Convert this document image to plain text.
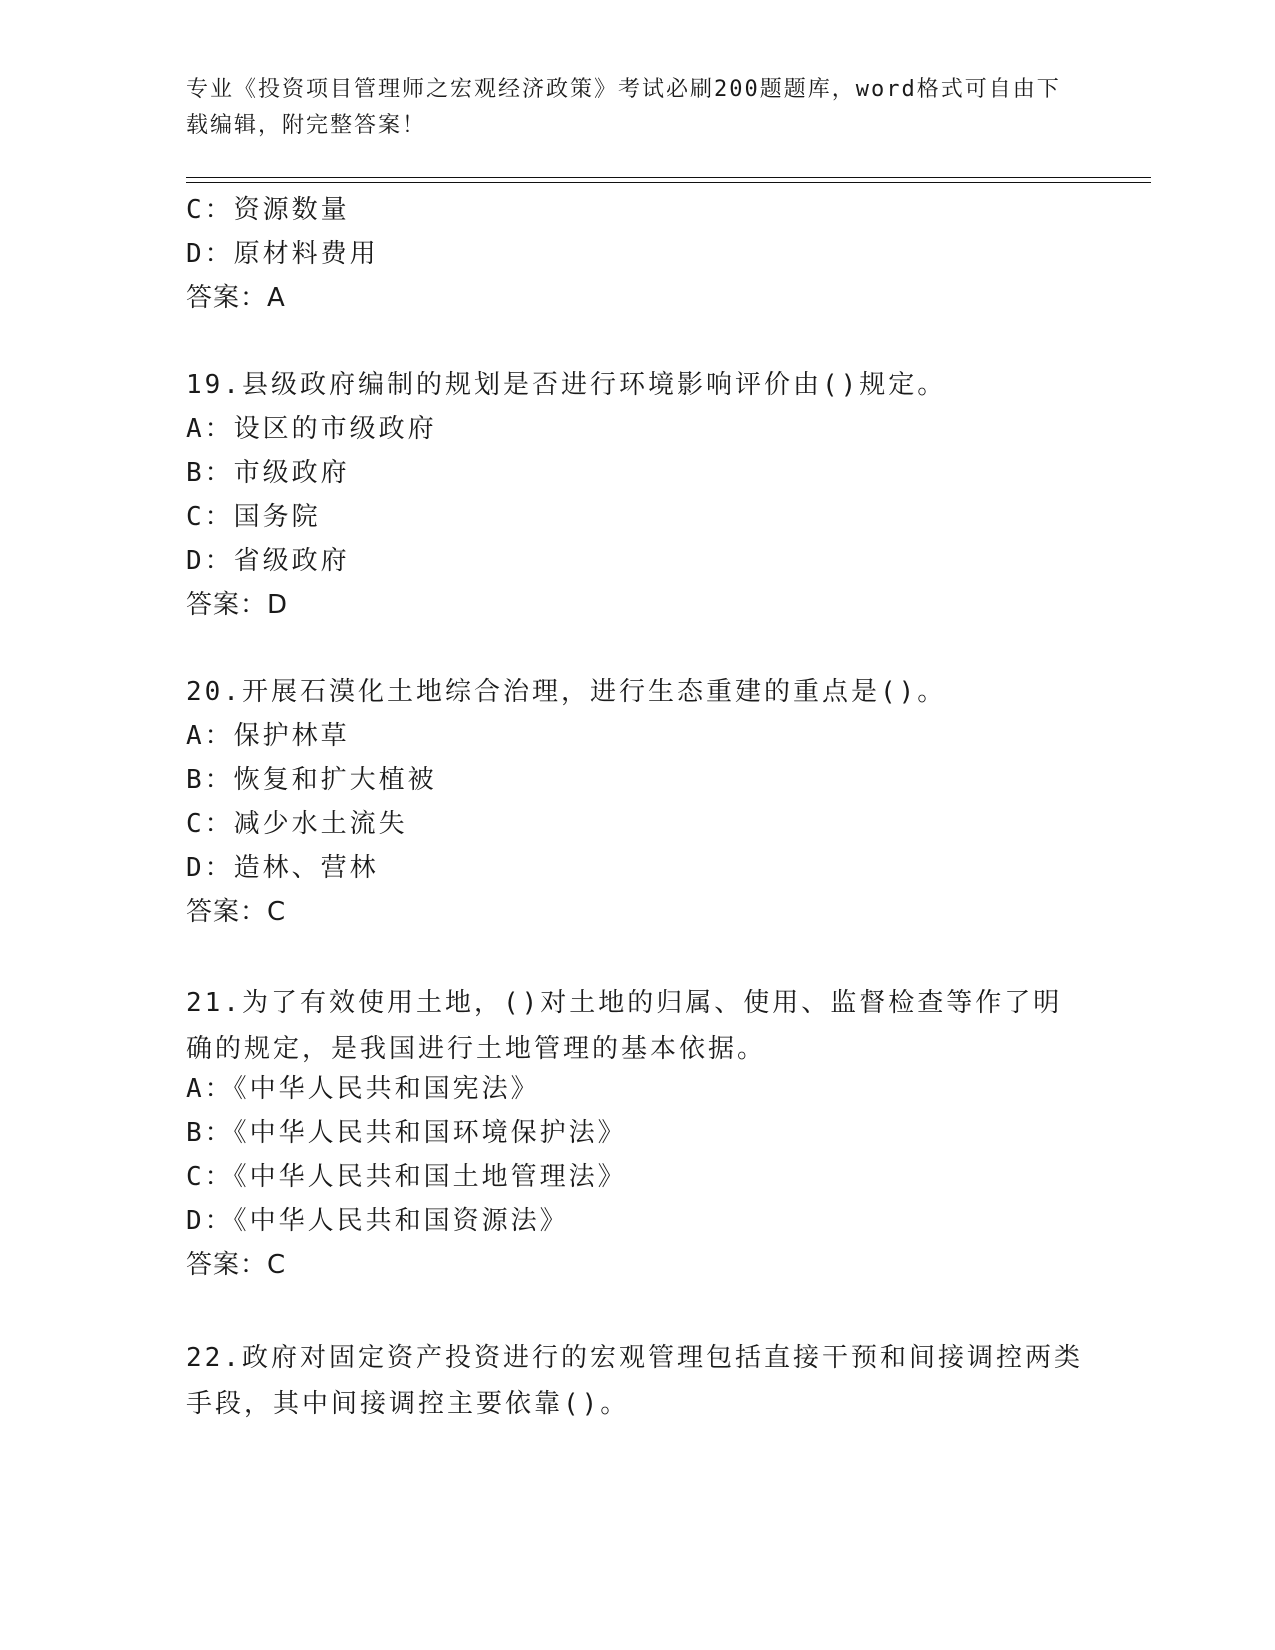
专业《投资项目管理师之宏观经济政策》考试必刷200题题库，word格式可自由下载编辑，附完整答案！
C：资源数量
D：原材料费用
答案：A
19.县级政府编制的规划是否进行环境影响评价由()规定。
A：设区的市级政府
B：市级政府
C：国务院
D：省级政府
答案：D
20.开展石漠化土地综合治理，进行生态重建的重点是()。
A：保护林草
B：恢复和扩大植被
C：减少水土流失
D：造林、营林
答案：C
21.为了有效使用土地，()对土地的归属、使用、监督检查等作了明确的规定，是我国进行土地管理的基本依据。
A：《中华人民共和国宪法》
B：《中华人民共和国环境保护法》
C：《中华人民共和国土地管理法》
D：《中华人民共和国资源法》
答案：C
22.政府对固定资产投资进行的宏观管理包括直接干预和间接调控两类手段，其中间接调控主要依靠()。
